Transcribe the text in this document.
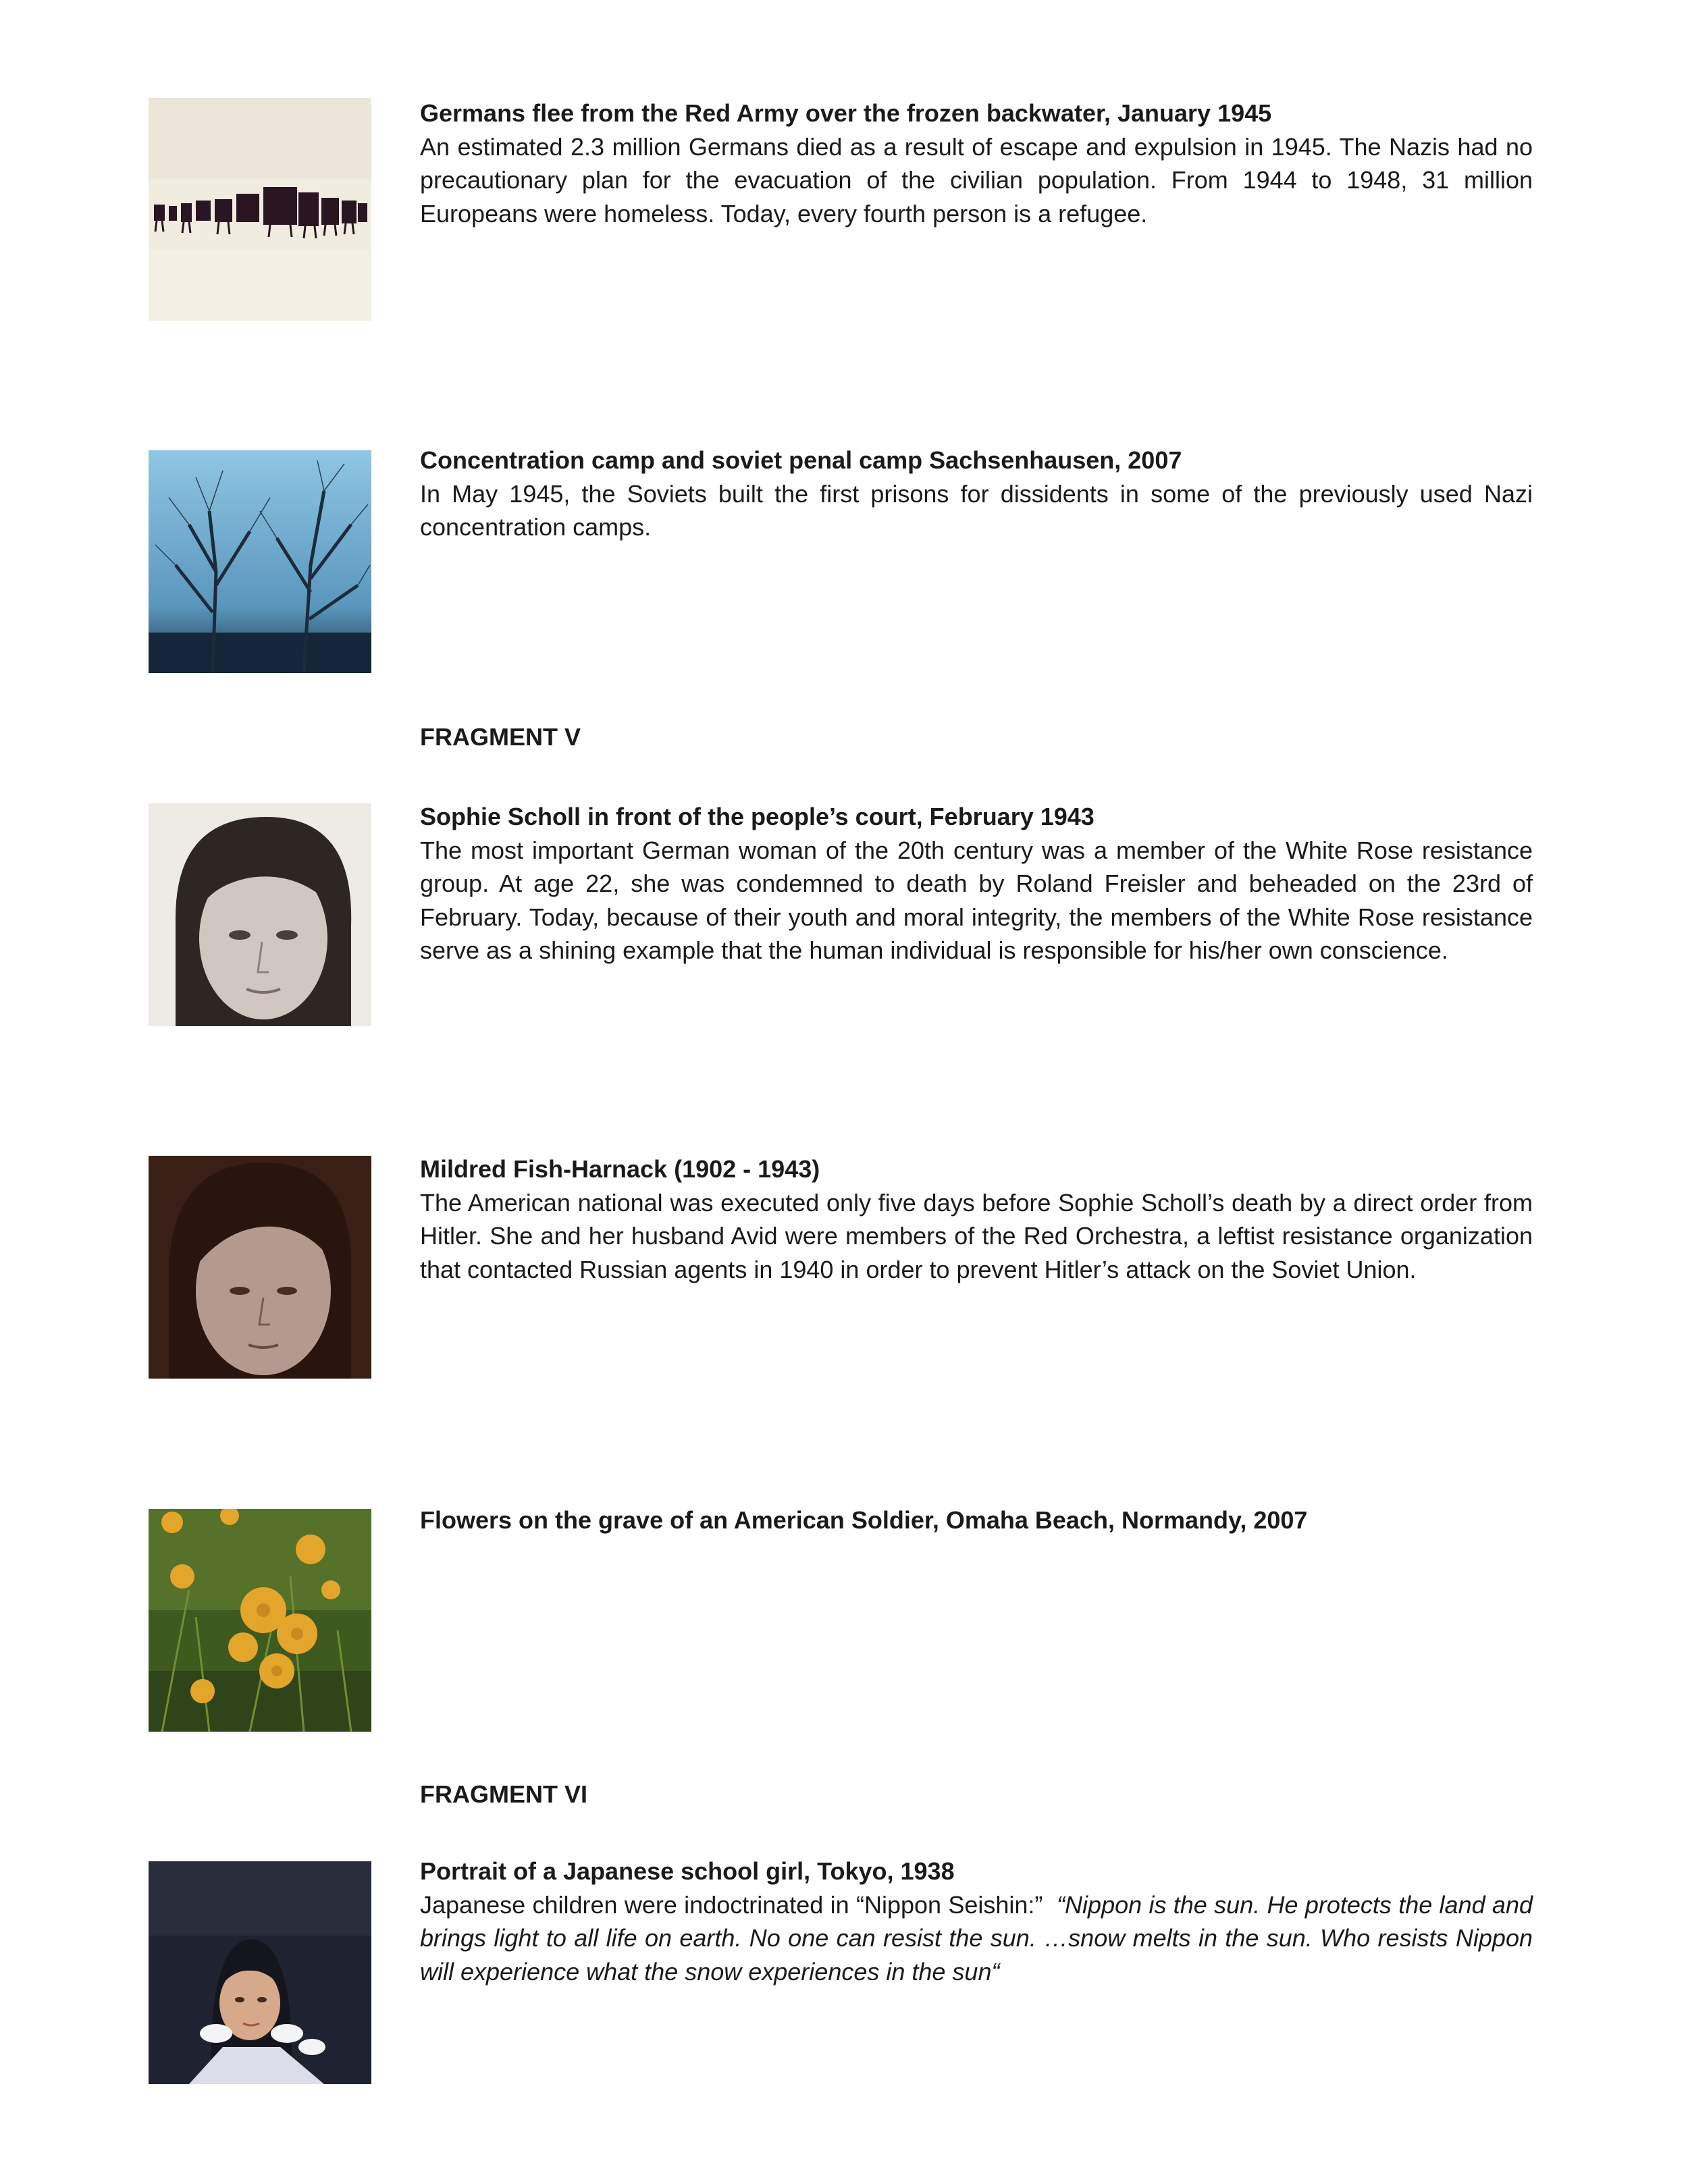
Germans flee from the Red Army over the frozen backwater, January 1945
An estimated 2.3 million Germans died as a result of escape and expulsion in 1945. The Nazis had no precautionary plan for the evacuation of the civilian population. From 1944 to 1948, 31 million Europeans were homeless. Today, every fourth person is a refugee.
Concentration camp and soviet penal camp Sachsenhausen, 2007
In May 1945, the Soviets built the first prisons for dissidents in some of the previously used Nazi concentration camps.
FRAGMENT V
Sophie Scholl in front of the people’s court, February 1943
The most important German woman of the 20th century was a member of the White Rose resistance group. At age 22, she was condemned to death by Roland Freisler and beheaded on the 23rd of February. Today, because of their youth and moral integrity, the members of the White Rose resistance serve as a shining example that the human individual is responsible for his/her own conscience.
Mildred Fish-Harnack (1902 - 1943)
The American national was executed only five days before Sophie Scholl’s death by a direct order from Hitler. She and her husband Avid were members of the Red Orchestra, a leftist resistance organization that contacted Russian agents in 1940 in order to prevent Hitler’s attack on the Soviet Union.
Flowers on the grave of an American Soldier, Omaha Beach, Normandy, 2007
FRAGMENT VI
Portrait of a Japanese school girl, Tokyo, 1938
Japanese children were indoctrinated in “Nippon Seishin:” “Nippon is the sun. He protects the land and brings light to all life on earth. No one can resist the sun. …snow melts in the sun. Who resists Nippon will experience what the snow experiences in the sun“
